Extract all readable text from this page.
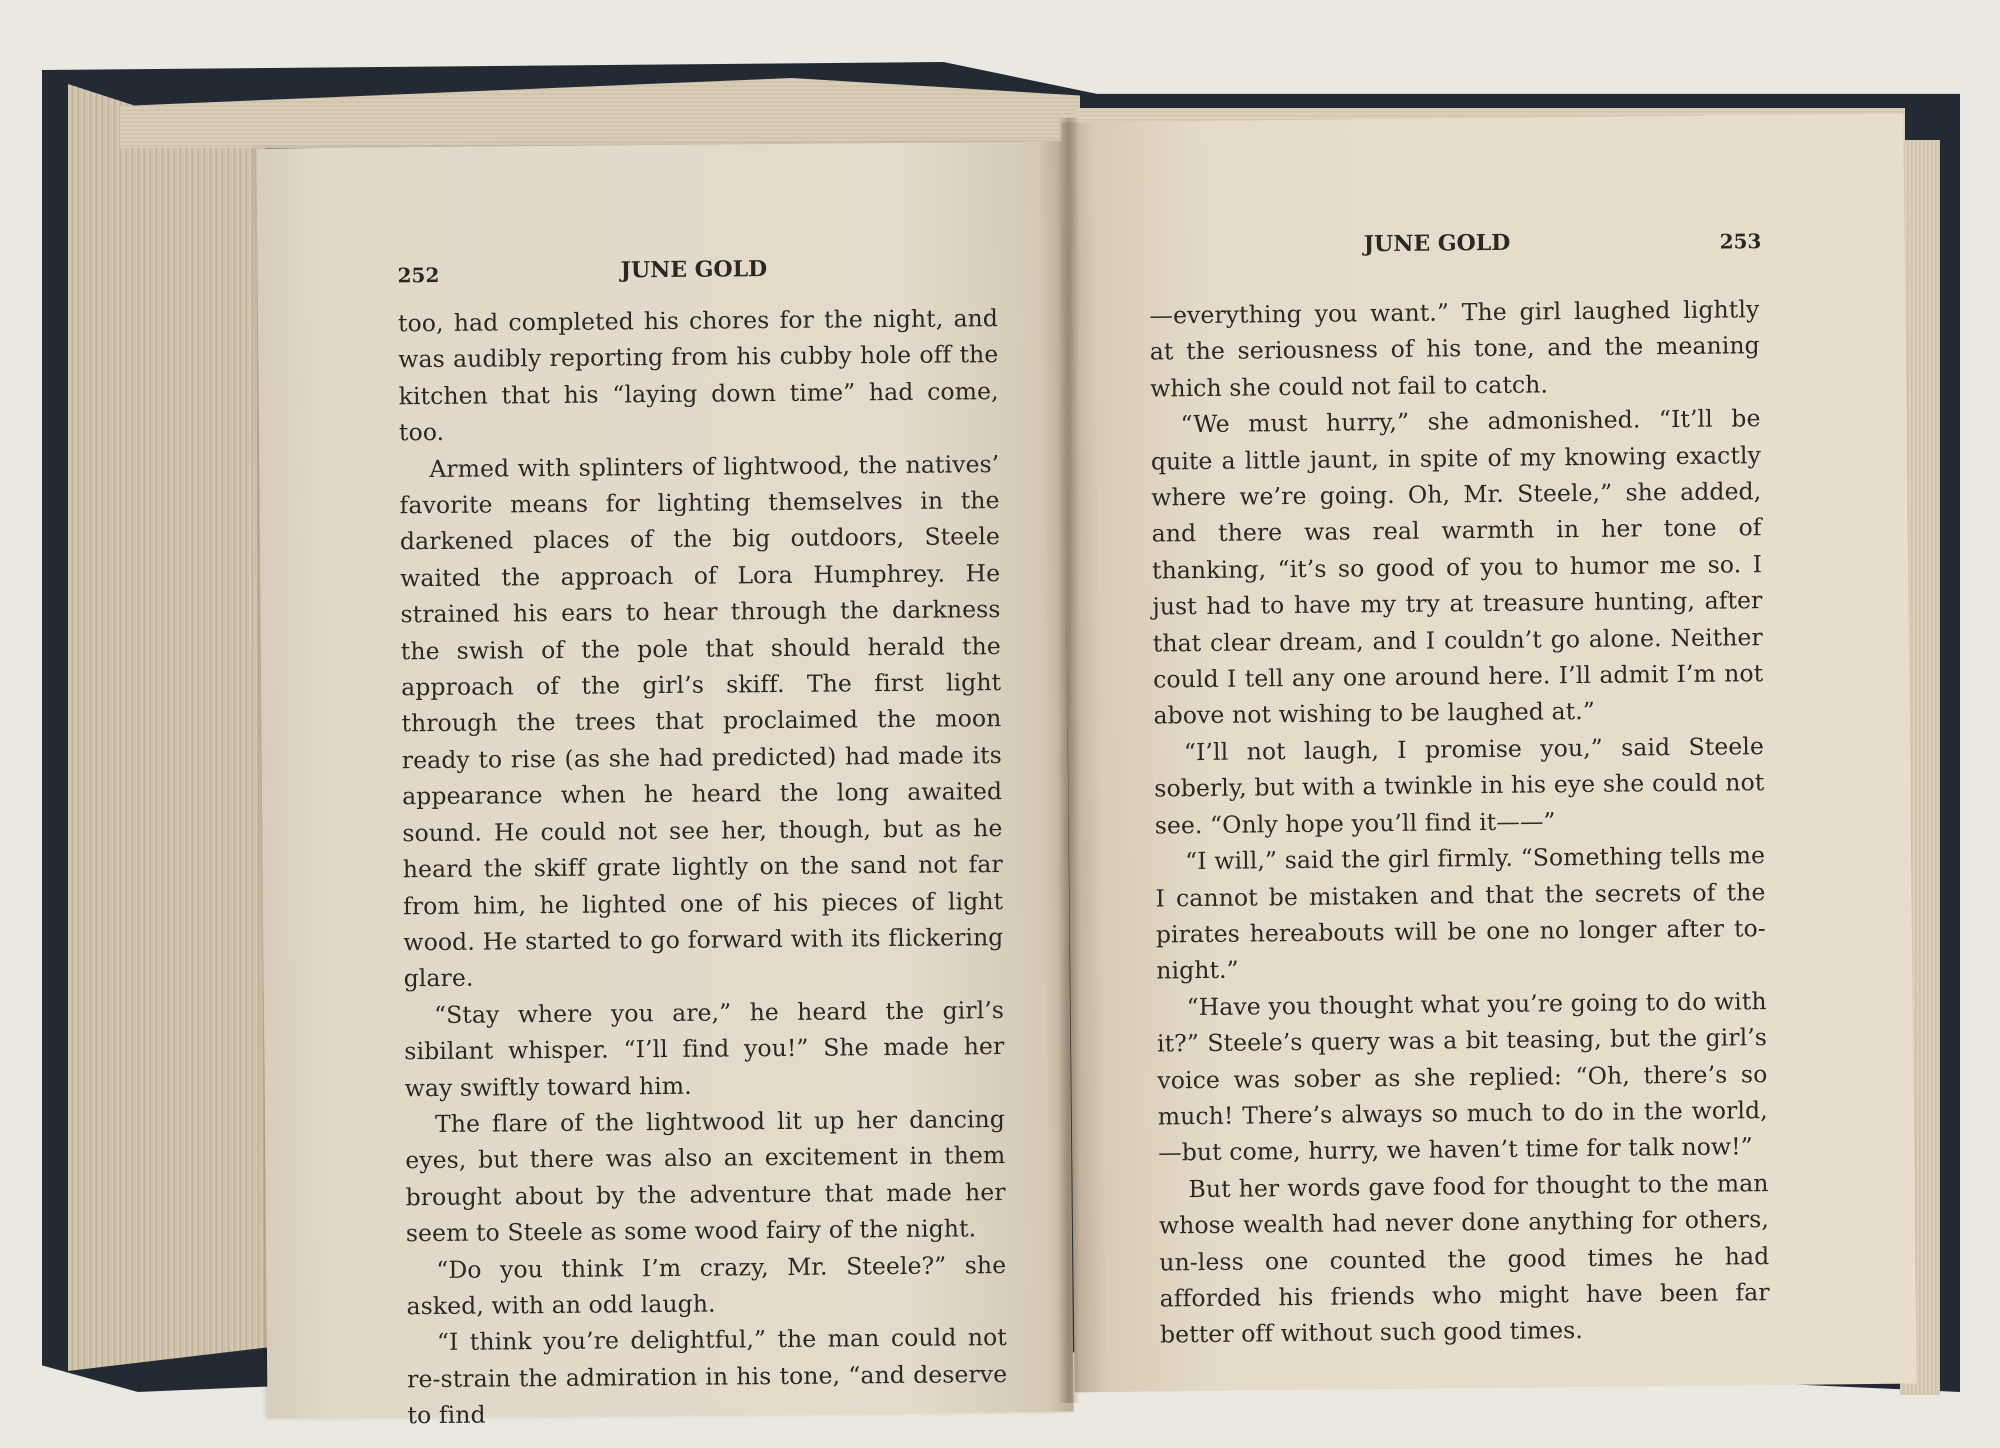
252	JUNE GOLD

too, had completed his chores for the night, and was audibly reporting from his cubby hole off the kitchen that his “laying down time” had come, too.

Armed with splinters of lightwood, the natives’ favorite means for lighting themselves in the darkened places of the big outdoors, Steele waited the approach of Lora Humphrey. He strained his ears to hear through the darkness the swish of the pole that should herald the approach of the girl’s skiff. The first light through the trees that proclaimed the moon ready to rise (as she had predicted) had made its appearance when he heard the long awaited sound. He could not see her, though, but as he heard the skiff grate lightly on the sand not far from him, he lighted one of his pieces of light wood. He started to go forward with its flickering glare.

“Stay where you are,” he heard the girl’s sibilant whisper. “I’ll find you!” She made her way swiftly toward him.

The flare of the lightwood lit up her dancing eyes, but there was also an excitement in them brought about by the adventure that made her seem to Steele as some wood fairy of the night.

“Do you think I’m crazy, Mr. Steele?” she asked, with an odd laugh.

“I think you’re delightful,” the man could not re-strain the admiration in his tone, “and deserve to find

JUNE GOLD	253

—everything you want.” The girl laughed lightly at the seriousness of his tone, and the meaning which she could not fail to catch.

“We must hurry,” she admonished. “It’ll be quite a little jaunt, in spite of my knowing exactly where we’re going. Oh, Mr. Steele,” she added, and there was real warmth in her tone of thanking, “it’s so good of you to humor me so. I just had to have my try at treasure hunting, after that clear dream, and I couldn’t go alone. Neither could I tell any one around here. I’ll admit I’m not above not wishing to be laughed at.”

“I’ll not laugh, I promise you,” said Steele soberly, but with a twinkle in his eye she could not see. “Only hope you’ll find it——”

“I will,” said the girl firmly. “Something tells me I cannot be mistaken and that the secrets of the pirates hereabouts will be one no longer after to-night.”

“Have you thought what you’re going to do with it?” Steele’s query was a bit teasing, but the girl’s voice was sober as she replied: “Oh, there’s so much! There’s always so much to do in the world,—but come, hurry, we haven’t time for talk now!”

But her words gave food for thought to the man whose wealth had never done anything for others, un-less one counted the good times he had afforded his friends who might have been far better off without such good times.
